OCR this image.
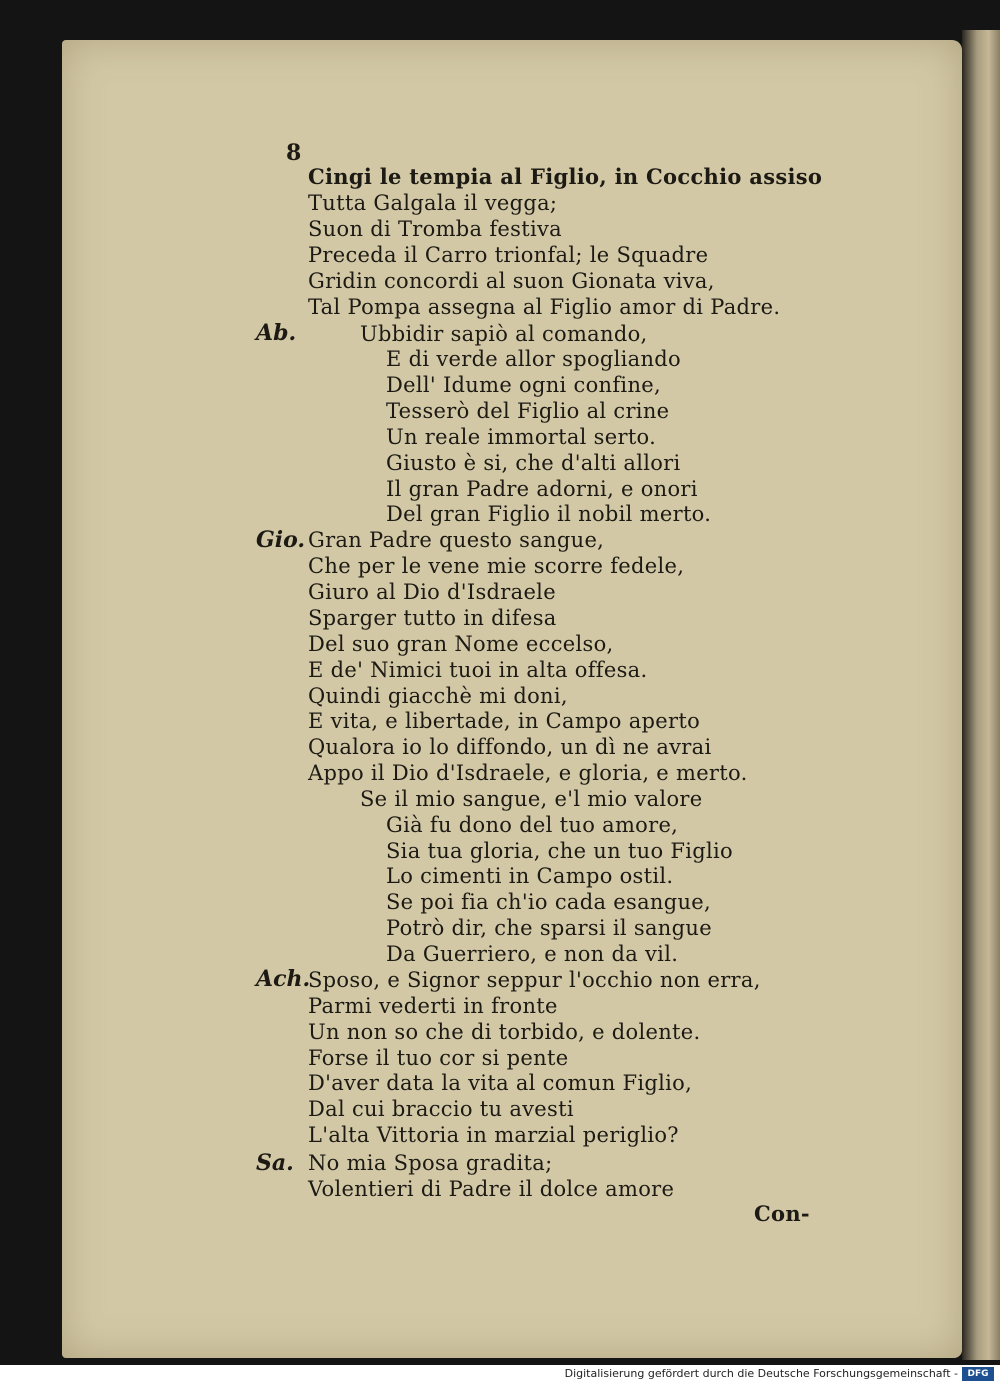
8
Ab.
Gio.
Ach.
Sa.
Cingi le tempia al Figlio, in Cocchio assiso
Tutta Galgala il vegga;
Suon di Tromba festiva
Preceda il Carro trionfal; le Squadre
Gridin concordi al suon Gionata viva,
Tal Pompa assegna al Figlio amor di Padre.
Ubbidir sapiò al comando,
E di verde allor spogliando
Dell' Idume ogni confine,
Tesserò del Figlio al crine
Un reale immortal serto.
Giusto è si, che d'alti allori
Il gran Padre adorni, e onori
Del gran Figlio il nobil merto.
Gran Padre questo sangue,
Che per le vene mie scorre fedele,
Giuro al Dio d'Isdraele
Sparger tutto in difesa
Del suo gran Nome eccelso,
E de' Nimici tuoi in alta offesa.
Quindi giacchè mi doni,
E vita, e libertade, in Campo aperto
Qualora io lo diffondo, un dì ne avrai
Appo il Dio d'Isdraele, e gloria, e merto.
Se il mio sangue, e'l mio valore
Già fu dono del tuo amore,
Sia tua gloria, che un tuo Figlio
Lo cimenti in Campo ostil.
Se poi fia ch'io cada esangue,
Potrò dir, che sparsi il sangue
Da Guerriero, e non da vil.
Sposo, e Signor seppur l'occhio non erra,
Parmi vederti in fronte
Un non so che di torbido, e dolente.
Forse il tuo cor si pente
D'aver data la vita al comun Figlio,
Dal cui braccio tu avesti
L'alta Vittoria in marzial periglio?
No mia Sposa gradita;
Volentieri di Padre il dolce amore
Con-
Digitalisierung gefördert durch die Deutsche Forschungsgemeinschaft -	DFG
